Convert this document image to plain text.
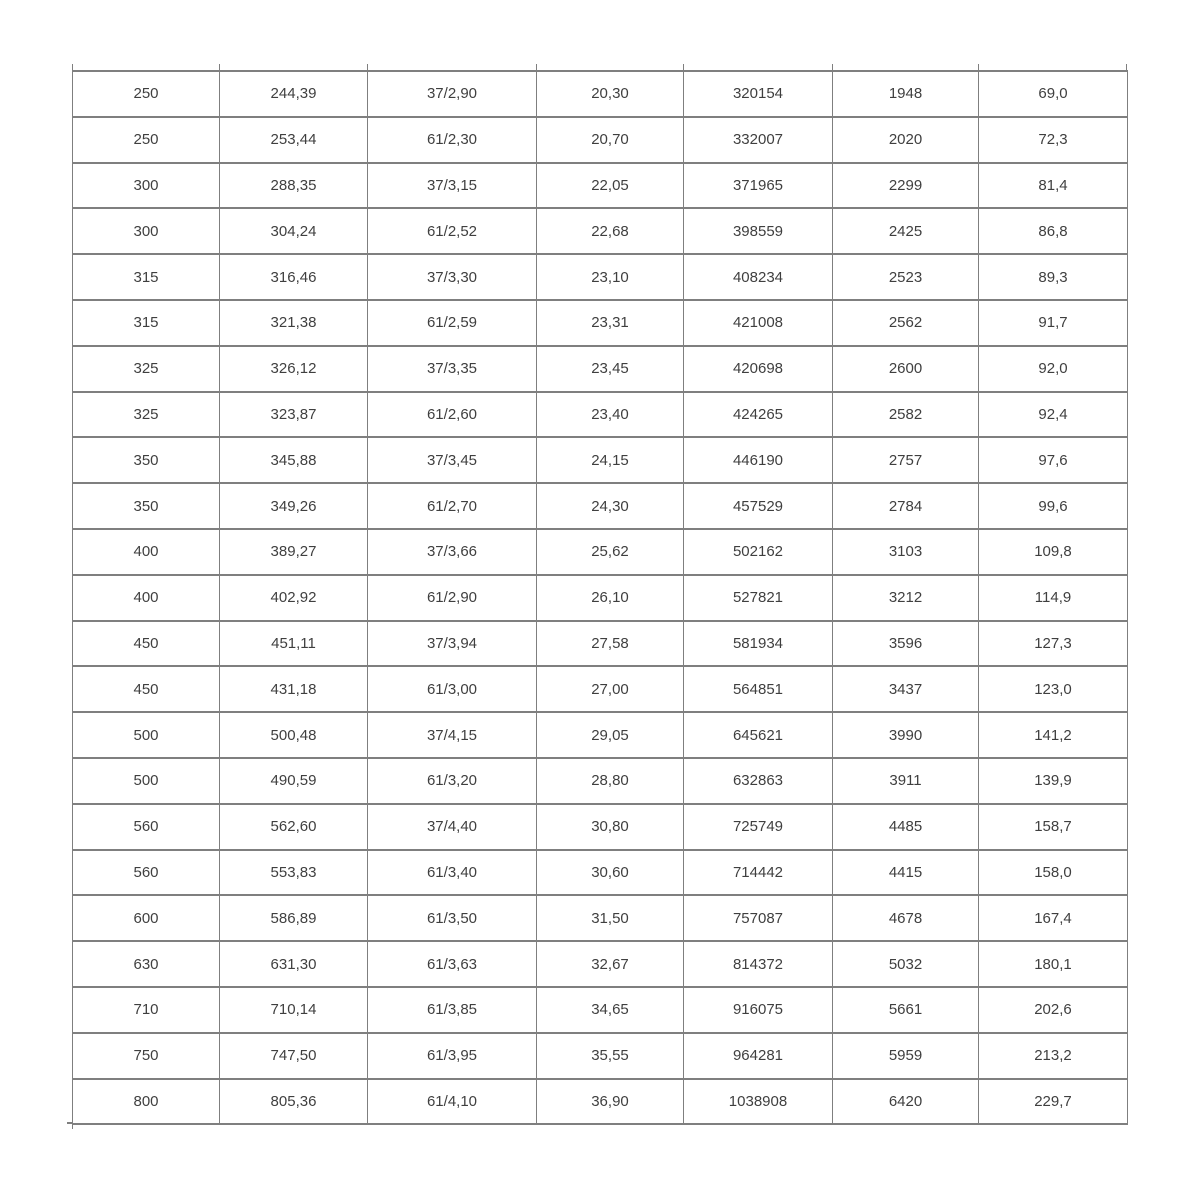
250	244,39	37/2,90	20,30	320154	1948	69,0
250	253,44	61/2,30	20,70	332007	2020	72,3
300	288,35	37/3,15	22,05	371965	2299	81,4
300	304,24	61/2,52	22,68	398559	2425	86,8
315	316,46	37/3,30	23,10	408234	2523	89,3
315	321,38	61/2,59	23,31	421008	2562	91,7
325	326,12	37/3,35	23,45	420698	2600	92,0
325	323,87	61/2,60	23,40	424265	2582	92,4
350	345,88	37/3,45	24,15	446190	2757	97,6
350	349,26	61/2,70	24,30	457529	2784	99,6
400	389,27	37/3,66	25,62	502162	3103	109,8
400	402,92	61/2,90	26,10	527821	3212	114,9
450	451,11	37/3,94	27,58	581934	3596	127,3
450	431,18	61/3,00	27,00	564851	3437	123,0
500	500,48	37/4,15	29,05	645621	3990	141,2
500	490,59	61/3,20	28,80	632863	3911	139,9
560	562,60	37/4,40	30,80	725749	4485	158,7
560	553,83	61/3,40	30,60	714442	4415	158,0
600	586,89	61/3,50	31,50	757087	4678	167,4
630	631,30	61/3,63	32,67	814372	5032	180,1
710	710,14	61/3,85	34,65	916075	5661	202,6
750	747,50	61/3,95	35,55	964281	5959	213,2
800	805,36	61/4,10	36,90	1038908	6420	229,7
